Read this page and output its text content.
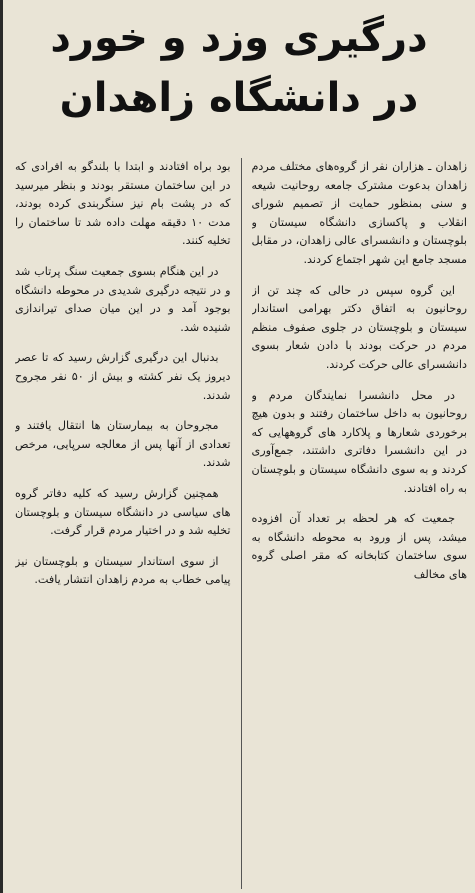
درگیری وزد و خورد
در دانشگاه زاهدان

زاهدان ـ هزاران نفر از گروه‌های مختلف مردم زاهدان بدعوت مشترک جامعه روحانیت شیعه و سنی بمنظور حمایت از تصمیم شورای انقلاب و پاکسازی دانشگاه سیستان و بلوچستان و دانشسرای عالی زاهدان، در مقابل مسجد جامع این شهر اجتماع کردند.

این گروه سپس در حالی که چند تن از روحانیون به اتفاق دکتر بهرامی استاندار سیستان و بلوچستان در جلوی صفوف منظم مردم در حرکت بودند با دادن شعار بسوی دانشسرای عالی حرکت کردند.

در محل دانشسرا نمایندگان مردم و روحانیون به داخل ساختمان رفتند و بدون هیچ برخوردی شعارها و پلاکارد های گروههایی که در این دانشسرا دفاتری داشتند، جمع‌آوری کردند و به سوی دانشگاه سیستان و بلوچستان به راه افتادند.

جمعیت که هر لحظه بر تعداد آن افزوده میشد، پس از ورود به محوطه دانشگاه به سوی ساختمان کتابخانه که مقر اصلی گروه های مخالف

بود براه افتادند و ابتدا با بلندگو به افرادی که در این ساختمان مستقر بودند و بنظر میرسید که در پشت بام نیز سنگربندی کرده بودند، مدت ۱۰ دقیقه مهلت داده شد تا ساختمان را تخلیه کنند.

در این هنگام بسوی جمعیت سنگ پرتاب شد و در نتیجه درگیری شدیدی در محوطه دانشگاه بوجود آمد و در این میان صدای تیراندازی شنیده شد.

بدنبال این درگیری گزارش رسید که تا عصر دیروز یک نفر کشته و بیش از ۵۰ نفر مجروح شدند.

مجروحان به بیمارستان ها انتقال یافتند و تعدادی از آنها پس از معالجه سرپایی، مرخص شدند.

همچنین گزارش رسید که کلیه دفاتر گروه های سیاسی در دانشگاه سیستان و بلوچستان تخلیه شد و در اختیار مردم قرار گرفت.

از سوی استاندار سیستان و بلوچستان نیز پیامی خطاب به مردم زاهدان انتشار یافت.
